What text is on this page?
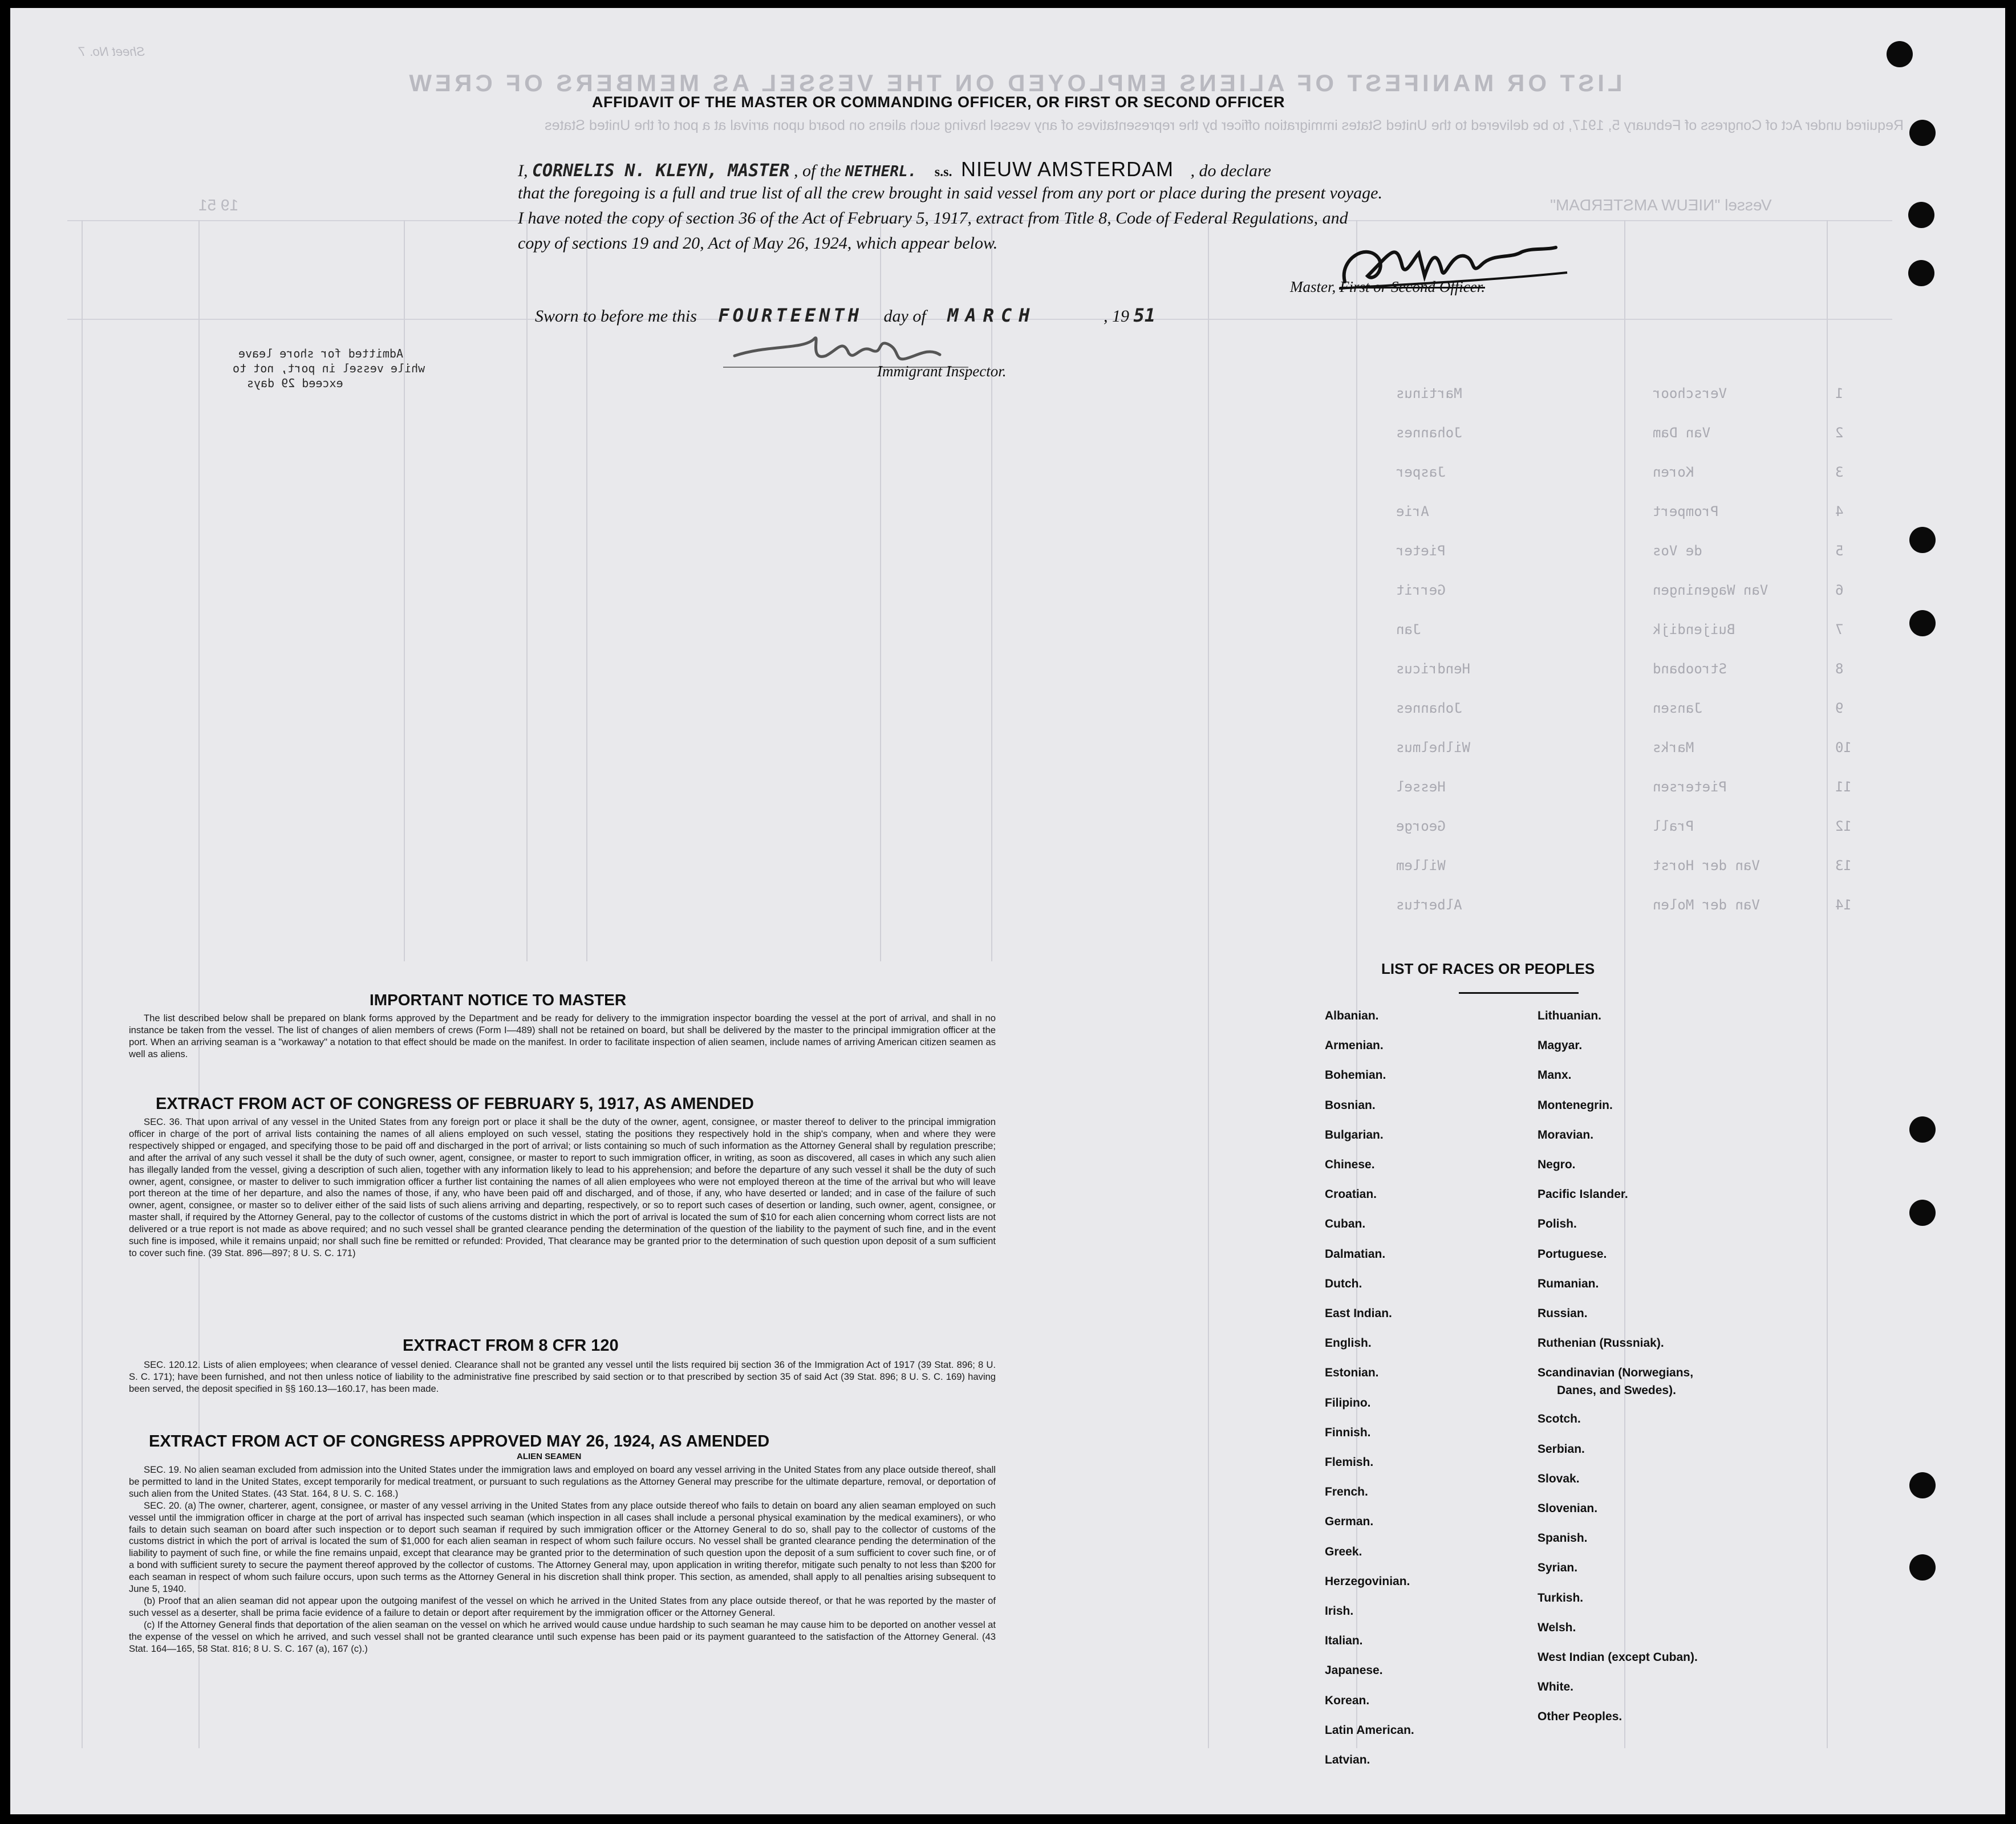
LIST OR MANIFEST OF ALIENS EMPLOYED ON THE VESSEL AS MEMBERS OF CREW
Sheet No. 7
Required under Act of Congress of February 5, 1917, to be delivered to the United States immigration officer by the representatives of any vessel having such aliens on board upon arrival at a port of the United States
19 51	Vessel "NIEUW AMSTERDAM"
1
Verschoor
Martinus
2
Van Dam
Johannes
3
Koren
Jasper
4
Prompert
Arie
5
de Vos
Pieter
6
Van Wageningen
Gerrit
7
Buijendijk
Jan
8
Strooband
Hendricus
9
Jansen
Johannes
10
Marks
Wilhelmus
11
Pietersen
Hessel
12
Prall
George
13
Van der Horst
Willem
14
Van der Molen
Albertus
Admitted for shore leave
while vessel in port, not to
exceed 29 days
AFFIDAVIT OF THE MASTER OR COMMANDING OFFICER, OR FIRST OR SECOND OFFICER
I, CORNELIS N. KLEYN, MASTER , of the NETHERL. s.s. NIEUW AMSTERDAM , do declare
that the foregoing is a full and true list of all the crew brought in said vessel from any port or place during the present voyage.
I have noted the copy of section 36 of the Act of February 5, 1917, extract from Title 8, Code of Federal Regulations, and
copy of sections 19 and 20, Act of May 26, 1924, which appear below.
Master, First or Second Officer.
Sworn to before me this FOURTEENTH day of MARCH	, 19 51
Immigrant Inspector.
IMPORTANT NOTICE TO MASTER

The list described below shall be prepared on blank forms approved by the Department and be ready for delivery to the immigration inspector boarding the vessel at the port of arrival, and shall in no instance be taken from the vessel. The list of changes of alien members of crews (Form I—489) shall not be retained on board, but shall be delivered by the master to the principal immigration officer at the port. When an arriving seaman is a "workaway" a notation to that effect should be made on the manifest. In order to facilitate inspection of alien seamen, include names of arriving American citizen seamen as well as aliens.

EXTRACT FROM ACT OF CONGRESS OF FEBRUARY 5, 1917, AS AMENDED

SEC. 36. That upon arrival of any vessel in the United States from any foreign port or place it shall be the duty of the owner, agent, consignee, or master thereof to deliver to the principal immigration officer in charge of the port of arrival lists containing the names of all aliens employed on such vessel, stating the positions they respectively hold in the ship's company, when and where they were respectively shipped or engaged, and specifying those to be paid off and discharged in the port of arrival; or lists containing so much of such information as the Attorney General shall by regulation prescribe; and after the arrival of any such vessel it shall be the duty of such owner, agent, consignee, or master to report to such immigration officer, in writing, as soon as discovered, all cases in which any such alien has illegally landed from the vessel, giving a description of such alien, together with any information likely to lead to his apprehension; and before the departure of any such vessel it shall be the duty of such owner, agent, consignee, or master to deliver to such immigration officer a further list containing the names of all alien employees who were not employed thereon at the time of the arrival but who will leave port thereon at the time of her departure, and also the names of those, if any, who have been paid off and discharged, and of those, if any, who have deserted or landed; and in case of the failure of such owner, agent, consignee, or master so to deliver either of the said lists of such aliens arriving and departing, respectively, or so to report such cases of desertion or landing, such owner, agent, consignee, or master shall, if required by the Attorney General, pay to the collector of customs of the customs district in which the port of arrival is located the sum of $10 for each alien concerning whom correct lists are not delivered or a true report is not made as above required; and no such vessel shall be granted clearance pending the determination of the question of the liability to the payment of such fine, and in the event such fine is imposed, while it remains unpaid; nor shall such fine be remitted or refunded: Provided, That clearance may be granted prior to the determination of such question upon deposit of a sum sufficient to cover such fine. (39 Stat. 896—897; 8 U. S. C. 171)

EXTRACT FROM 8 CFR 120

SEC. 120.12. Lists of alien employees; when clearance of vessel denied. Clearance shall not be granted any vessel until the lists required bij section 36 of the Immigration Act of 1917 (39 Stat. 896; 8 U. S. C. 171); have been furnished, and not then unless notice of liability to the administrative fine prescribed by said section or to that prescribed by section 35 of said Act (39 Stat. 896; 8 U. S. C. 169) having been served, the deposit specified in §§ 160.13—160.17, has been made.

EXTRACT FROM ACT OF CONGRESS APPROVED MAY 26, 1924, AS AMENDED
ALIEN SEAMEN

SEC. 19. No alien seaman excluded from admission into the United States under the immigration laws and employed on board any vessel arriving in the United States from any place outside thereof, shall be permitted to land in the United States, except temporarily for medical treatment, or pursuant to such regulations as the Attorney General may prescribe for the ultimate departure, removal, or deportation of such alien from the United States. (43 Stat. 164, 8 U. S. C. 168.)

SEC. 20. (a) The owner, charterer, agent, consignee, or master of any vessel arriving in the United States from any place outside thereof who fails to detain on board any alien seaman employed on such vessel until the immigration officer in charge at the port of arrival has inspected such seaman (which inspection in all cases shall include a personal physical examination by the medical examiners), or who fails to detain such seaman on board after such inspection or to deport such seaman if required by such immigration officer or the Attorney General to do so, shall pay to the collector of customs of the customs district in which the port of arrival is located the sum of $1,000 for each alien seaman in respect of whom such failure occurs. No vessel shall be granted clearance pending the determination of the liability to payment of such fine, or while the fine remains unpaid, except that clearance may be granted prior to the determination of such question upon the deposit of a sum sufficient to cover such fine, or of a bond with sufficient surety to secure the payment thereof approved by the collector of customs. The Attorney General may, upon application in writing therefor, mitigate such penalty to not less than $200 for each seaman in respect of whom such failure occurs, upon such terms as the Attorney General in his discretion shall think proper. This section, as amended, shall apply to all penalties arising subsequent to June 5, 1940.

(b) Proof that an alien seaman did not appear upon the outgoing manifest of the vessel on which he arrived in the United States from any place outside thereof, or that he was reported by the master of such vessel as a deserter, shall be prima facie evidence of a failure to detain or deport after requirement by the immigration officer or the Attorney General.

(c) If the Attorney General finds that deportation of the alien seaman on the vessel on which he arrived would cause undue hardship to such seaman he may cause him to be deported on another vessel at the expense of the vessel on which he arrived, and such vessel shall not be granted clearance until such expense has been paid or its payment guaranteed to the satisfaction of the Attorney General. (43 Stat. 164—165, 58 Stat. 816; 8 U. S. C. 167 (a), 167 (c).)

LIST OF RACES OR PEOPLES
Albanian.
Armenian.
Bohemian.
Bosnian.
Bulgarian.
Chinese.
Croatian.
Cuban.
Dalmatian.
Dutch.
East Indian.
English.
Estonian.
Filipino.
Finnish.
Flemish.
French.
German.
Greek.
Herzegovinian.
Irish.
Italian.
Japanese.
Korean.
Latin American.
Latvian.
Lithuanian.
Magyar.
Manx.
Montenegrin.
Moravian.
Negro.
Pacific Islander.
Polish.
Portuguese.
Rumanian.
Russian.
Ruthenian (Russniak).
Scandinavian (Norwegians,
Danes, and Swedes).
Scotch.
Serbian.
Slovak.
Slovenian.
Spanish.
Syrian.
Turkish.
Welsh.
West Indian (except Cuban).
White.
Other Peoples.
